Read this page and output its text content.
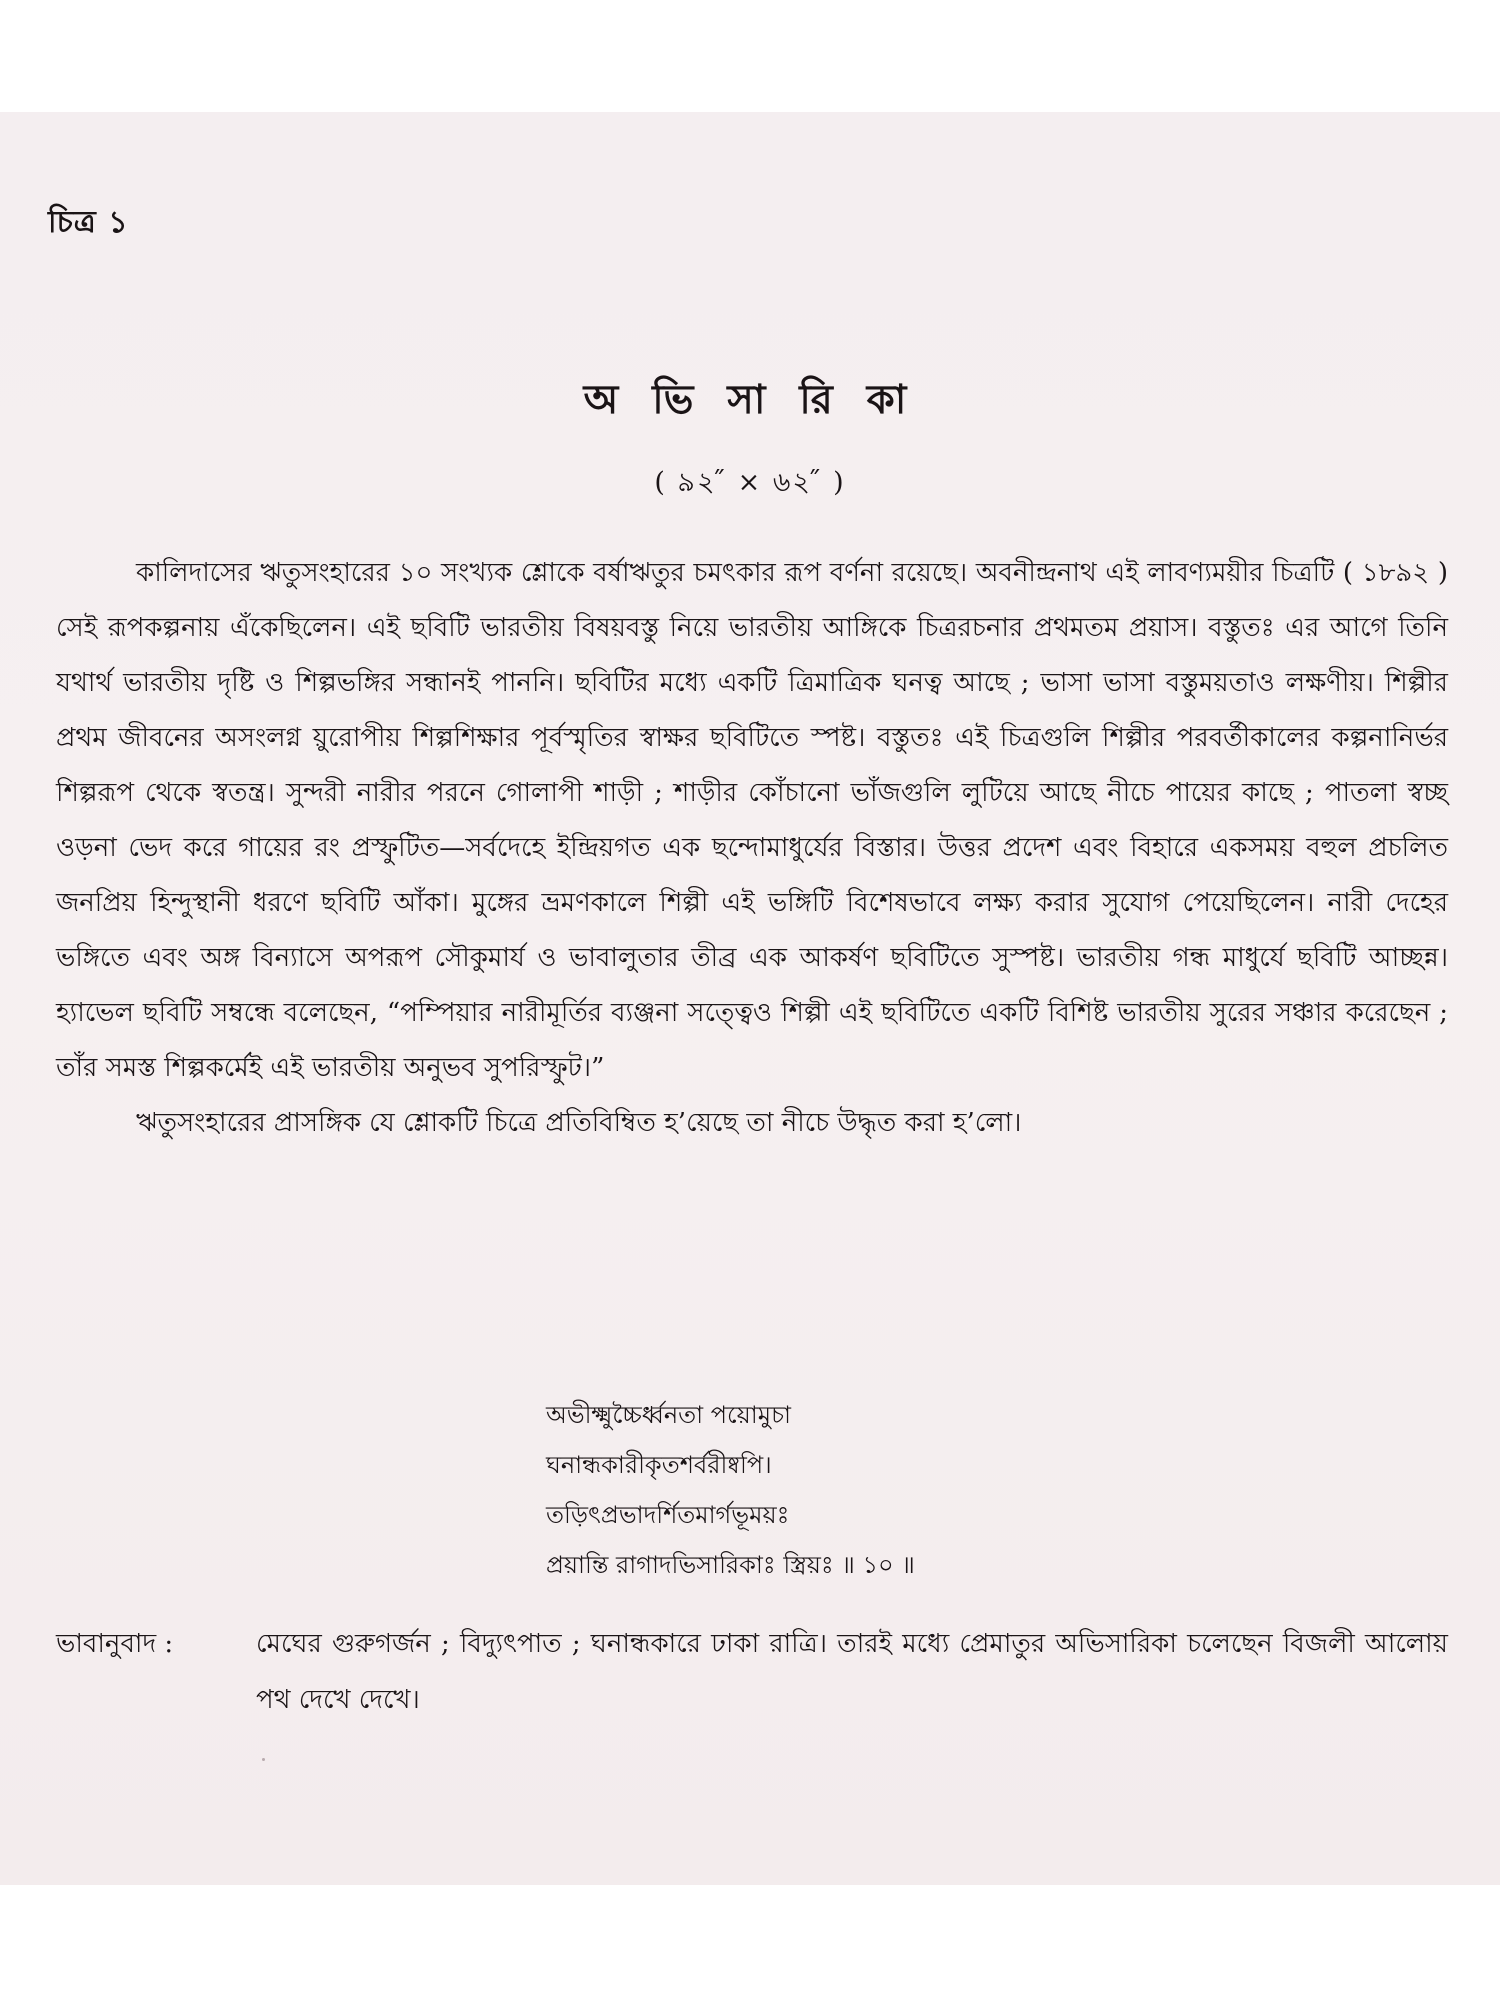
চিত্র ১
অ ভি সা রি কা
( ৯২ ̋ × ৬২ ̋ )

কালিদাসের ঋতুসংহারের ১০ সংখ্যক শ্লোকে বর্ষাঋতুর চমৎকার রূপ বর্ণনা রয়েছে। অবনীন্দ্রনাথ এই লাবণ্যময়ীর চিত্রটি ( ১৮৯২ ) সেই রূপকল্পনায় এঁকেছিলেন। এই ছবিটি ভারতীয় বিষয়বস্তু নিয়ে ভারতীয় আঙ্গিকে চিত্ররচনার প্রথমতম প্রয়াস। বস্তুতঃ এর আগে তিনি যথার্থ ভারতীয় দৃষ্টি ও শিল্পভঙ্গির সন্ধানই পাননি। ছবিটির মধ্যে একটি ত্রিমাত্রিক ঘনত্ব আছে ; ভাসা ভাসা বস্তুময়তাও লক্ষণীয়। শিল্পীর প্রথম জীবনের অসংলগ্ন য়ুরোপীয় শিল্পশিক্ষার পূর্বস্মৃতির স্বাক্ষর ছবিটিতে স্পষ্ট। বস্তুতঃ এই চিত্রগুলি শিল্পীর পরবর্তীকালের কল্পনানির্ভর শিল্পরূপ থেকে স্বতন্ত্র। সুন্দরী নারীর পরনে গোলাপী শাড়ী ; শাড়ীর কোঁচানো ভাঁজগুলি লুটিয়ে আছে নীচে পায়ের কাছে ; পাতলা স্বচ্ছ ওড়না ভেদ করে গায়ের রং প্রস্ফুটিত—সর্বদেহে ইন্দ্রিয়গত এক ছন্দোমাধুর্যের বিস্তার। উত্তর প্রদেশ এবং বিহারে একসময় বহুল প্রচলিত জনপ্রিয় হিন্দুস্থানী ধরণে ছবিটি আঁকা। মুঙ্গের ভ্রমণকালে শিল্পী এই ভঙ্গিটি বিশেষভাবে লক্ষ্য করার সুযোগ পেয়েছিলেন। নারী দেহের ভঙ্গিতে এবং অঙ্গ বিন্যাসে অপরূপ সৌকুমার্য ও ভাবালুতার তীব্র এক আকর্ষণ ছবিটিতে সুস্পষ্ট। ভারতীয় গন্ধ মাধুর্যে ছবিটি আচ্ছন্ন। হ্যাভেল ছবিটি সম্বন্ধে বলেছেন, “পম্পিয়ার নারীমূর্তির ব্যঞ্জনা সত্ত্বেও শিল্পী এই ছবিটিতে একটি বিশিষ্ট ভারতীয় সুরের সঞ্চার করেছেন ; তাঁর সমস্ত শিল্পকর্মেই এই ভারতীয় অনুভব সুপরিস্ফুট।”

ঋতুসংহারের প্রাসঙ্গিক যে শ্লোকটি চিত্রে প্রতিবিম্বিত হ’য়েছে তা নীচে উদ্ধৃত করা হ’লো।

অভীক্ষ্মুচ্চৈর্ধ্বনতা পয়োমুচা
ঘনান্ধকারীকৃতশর্বরীষ্বপি।
তড়িৎপ্রভাদর্শিতমার্গভূময়ঃ
প্রয়ান্তি রাগাদভিসারিকাঃ স্ত্রিয়ঃ ॥ ১০ ॥
ভাবানুবাদ :	মেঘের গুরুগর্জন ; বিদ্যুৎপাত ; ঘনান্ধকারে ঢাকা রাত্রি। তারই মধ্যে প্রেমাতুর অভিসারিকা চলেছেন বিজলী আলোয় পথ দেখে দেখে।
